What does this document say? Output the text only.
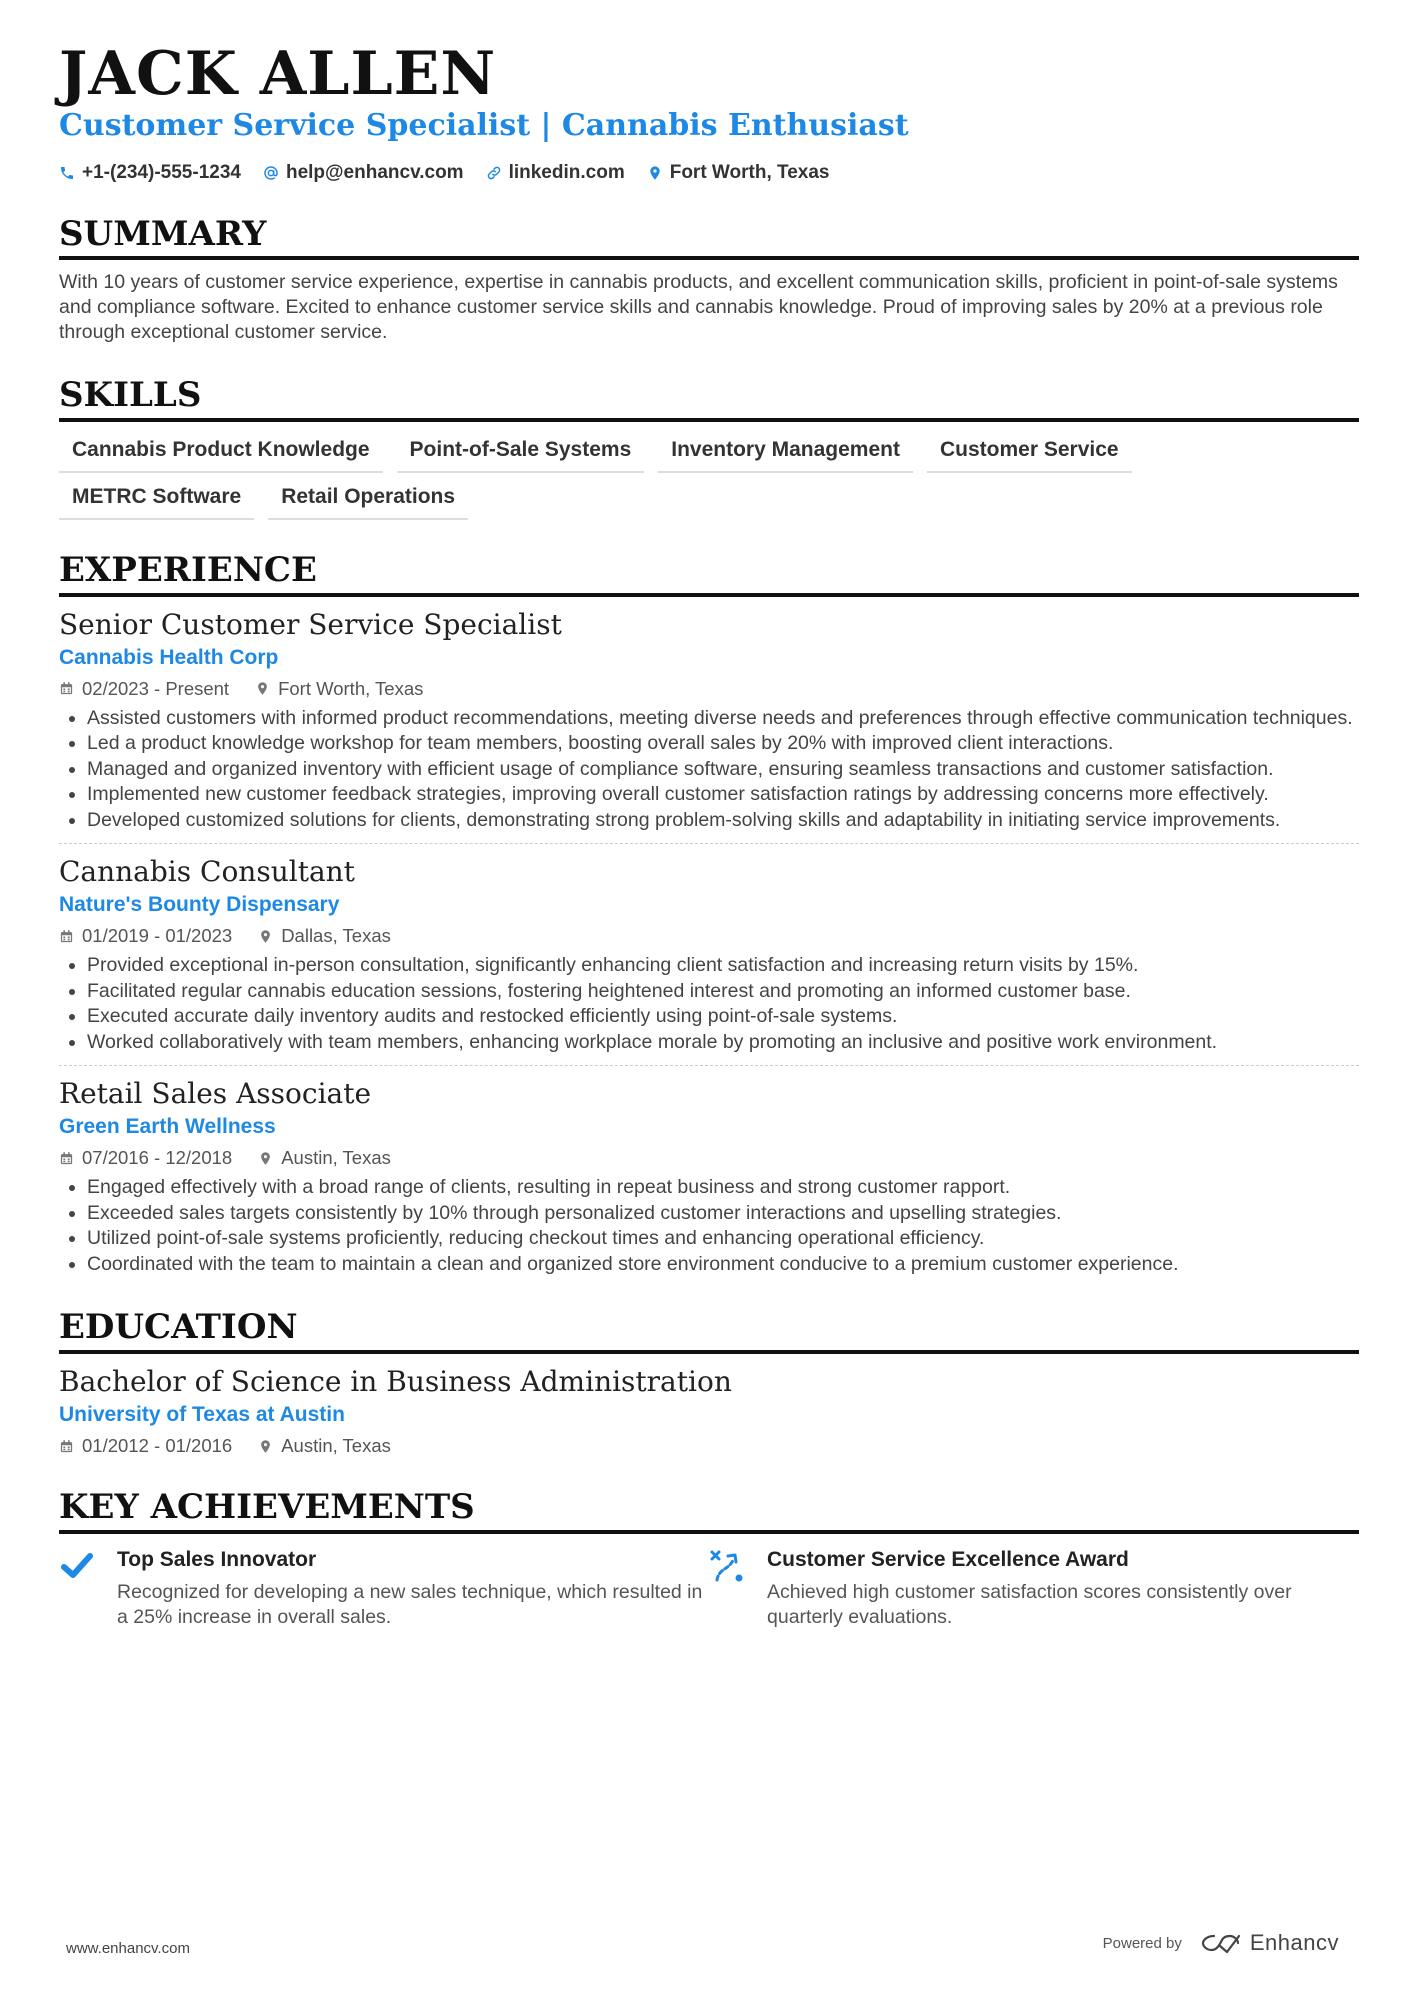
JACK ALLEN
Customer Service Specialist | Cannabis Enthusiast
+1-(234)-555-1234 help@enhancv.com linkedin.com Fort Worth, Texas
SUMMARY
With 10 years of customer service experience, expertise in cannabis products, and excellent communication skills, proficient in point-of-sale systems and compliance software. Excited to enhance customer service skills and cannabis knowledge. Proud of improving sales by 20% at a previous role through exceptional customer service.
SKILLS
Cannabis Product Knowledge	Point-of-Sale Systems	Inventory Management	Customer Service
METRC Software	Retail Operations
EXPERIENCE
Senior Customer Service Specialist
Cannabis Health Corp
02/2023 - Present	Fort Worth, Texas
• Assisted customers with informed product recommendations, meeting diverse needs and preferences through effective communication techniques.
• Led a product knowledge workshop for team members, boosting overall sales by 20% with improved client interactions.
• Managed and organized inventory with efficient usage of compliance software, ensuring seamless transactions and customer satisfaction.
• Implemented new customer feedback strategies, improving overall customer satisfaction ratings by addressing concerns more effectively.
• Developed customized solutions for clients, demonstrating strong problem-solving skills and adaptability in initiating service improvements.
Cannabis Consultant
Nature's Bounty Dispensary
01/2019 - 01/2023	Dallas, Texas
• Provided exceptional in-person consultation, significantly enhancing client satisfaction and increasing return visits by 15%.
• Facilitated regular cannabis education sessions, fostering heightened interest and promoting an informed customer base.
• Executed accurate daily inventory audits and restocked efficiently using point-of-sale systems.
• Worked collaboratively with team members, enhancing workplace morale by promoting an inclusive and positive work environment.
Retail Sales Associate
Green Earth Wellness
07/2016 - 12/2018	Austin, Texas
• Engaged effectively with a broad range of clients, resulting in repeat business and strong customer rapport.
• Exceeded sales targets consistently by 10% through personalized customer interactions and upselling strategies.
• Utilized point-of-sale systems proficiently, reducing checkout times and enhancing operational efficiency.
• Coordinated with the team to maintain a clean and organized store environment conducive to a premium customer experience.
EDUCATION
Bachelor of Science in Business Administration
University of Texas at Austin
01/2012 - 01/2016	Austin, Texas
KEY ACHIEVEMENTS
Top Sales Innovator
Recognized for developing a new sales technique, which resulted in a 25% increase in overall sales.
Customer Service Excellence Award
Achieved high customer satisfaction scores consistently over quarterly evaluations.
www.enhancv.com	Powered by	Enhancv
